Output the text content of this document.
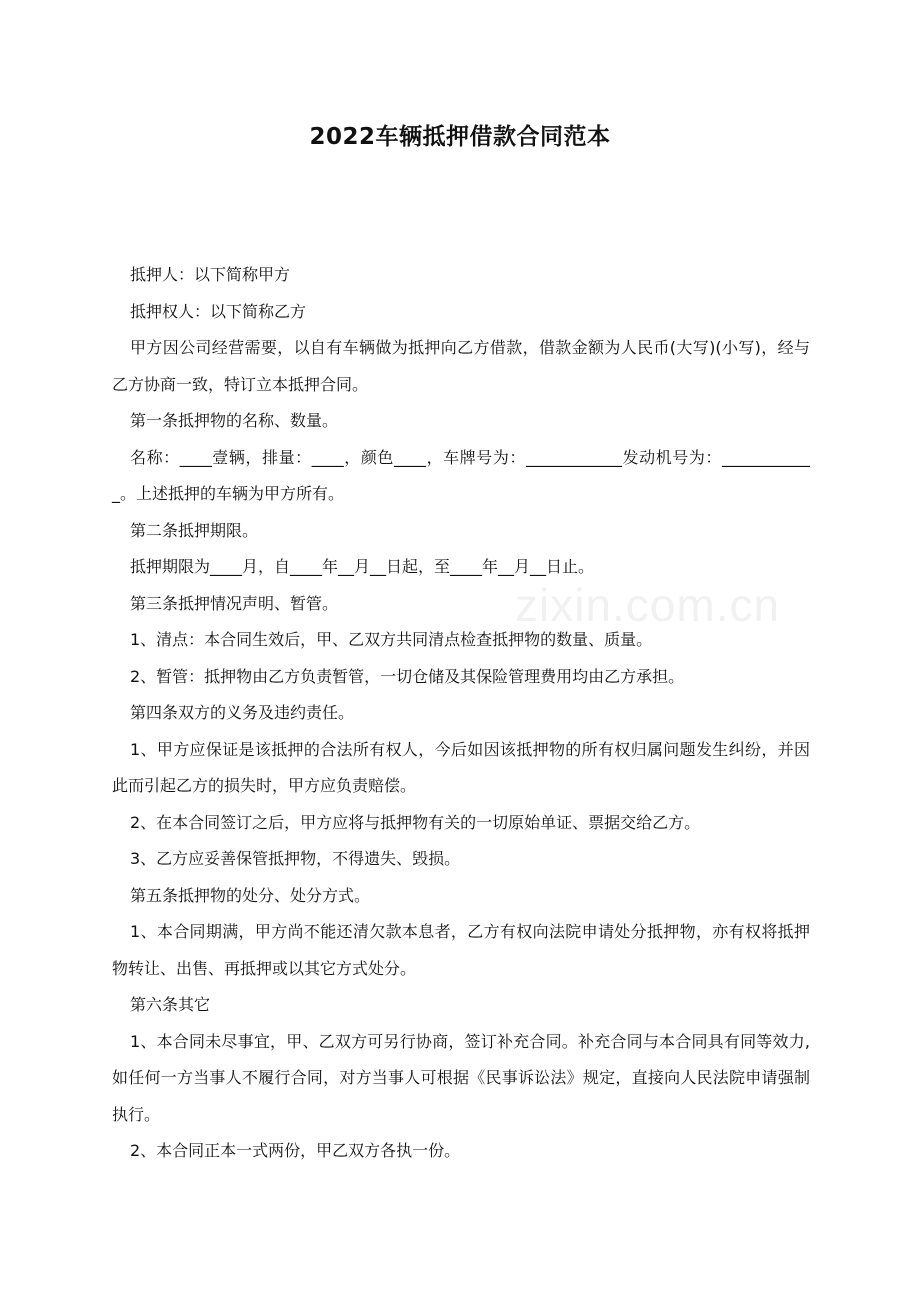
2022车辆抵押借款合同范本
zixin.com.cn

抵押人：以下简称甲方

抵押权人：以下简称乙方

甲方因公司经营需要，以自有车辆做为抵押向乙方借款，借款金额为人民币(大写)(小写)，经与乙方协商一致，特订立本抵押合同。

第一条抵押物的名称、数量。

名称：____壹辆，排量：____，颜色____，车牌号为：____________发动机号为：____________。上述抵押的车辆为甲方所有。

第二条抵押期限。

抵押期限为____月，自____年__月__日起，至____年__月__日止。

第三条抵押情况声明、暂管。

1、清点：本合同生效后，甲、乙双方共同清点检查抵押物的数量、质量。

2、暂管：抵押物由乙方负责暂管，一切仓储及其保险管理费用均由乙方承担。

第四条双方的义务及违约责任。

1、甲方应保证是该抵押的合法所有权人，今后如因该抵押物的所有权归属问题发生纠纷，并因此而引起乙方的损失时，甲方应负责赔偿。

2、在本合同签订之后，甲方应将与抵押物有关的一切原始单证、票据交给乙方。

3、乙方应妥善保管抵押物，不得遗失、毁损。

第五条抵押物的处分、处分方式。

1、本合同期满，甲方尚不能还清欠款本息者，乙方有权向法院申请处分抵押物，亦有权将抵押物转让、出售、再抵押或以其它方式处分。

第六条其它

1、本合同未尽事宜，甲、乙双方可另行协商，签订补充合同。补充合同与本合同具有同等效力,如任何一方当事人不履行合同，对方当事人可根据《民事诉讼法》规定，直接向人民法院申请强制执行。

2、本合同正本一式两份，甲乙双方各执一份。
